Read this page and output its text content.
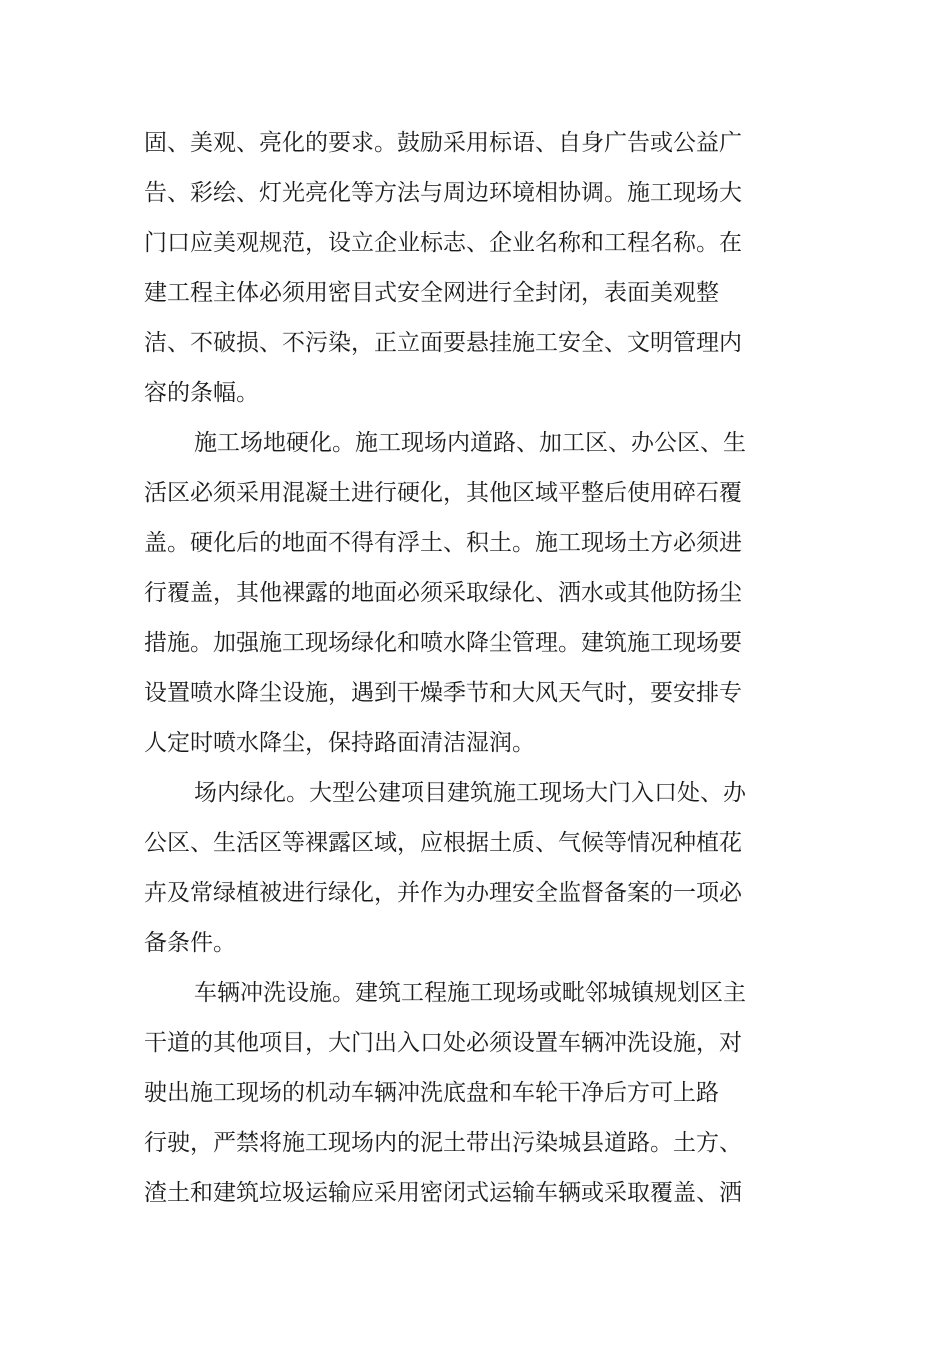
固、美观、亮化的要求。鼓励采用标语、自身广告或公益广
告、彩绘、灯光亮化等方法与周边环境相协调。施工现场大
门口应美观规范，设立企业标志、企业名称和工程名称。在
建工程主体必须用密目式安全网进行全封闭，表面美观整
洁、不破损、不污染，正立面要悬挂施工安全、文明管理内
容的条幅。
施工场地硬化。施工现场内道路、加工区、办公区、生
活区必须采用混凝土进行硬化，其他区域平整后使用碎石覆
盖。硬化后的地面不得有浮土、积土。施工现场土方必须进
行覆盖，其他裸露的地面必须采取绿化、洒水或其他防扬尘
措施。加强施工现场绿化和喷水降尘管理。建筑施工现场要
设置喷水降尘设施，遇到干燥季节和大风天气时，要安排专
人定时喷水降尘，保持路面清洁湿润。
场内绿化。大型公建项目建筑施工现场大门入口处、办
公区、生活区等裸露区域，应根据土质、气候等情况种植花
卉及常绿植被进行绿化，并作为办理安全监督备案的一项必
备条件。
车辆冲洗设施。建筑工程施工现场或毗邻城镇规划区主
干道的其他项目，大门出入口处必须设置车辆冲洗设施，对
驶出施工现场的机动车辆冲洗底盘和车轮干净后方可上路
行驶，严禁将施工现场内的泥土带出污染城县道路。土方、
渣土和建筑垃圾运输应采用密闭式运输车辆或采取覆盖、洒
